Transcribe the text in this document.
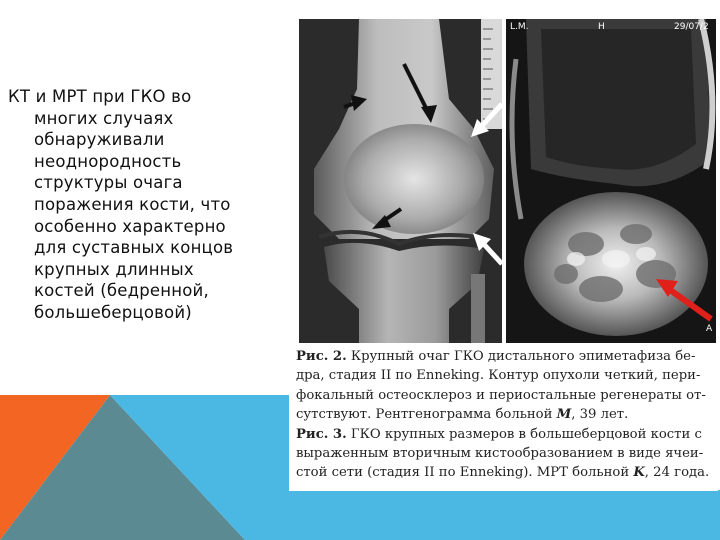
КТ и МРТ при ГКО во
многих случаях
обнаруживали
неоднородность
структуры очага
поражения кости, что
особенно характерно
для суставных концов
крупных длинных
костей (бедренной,
большеберцовой)
L.M.	H	29/07/2
A
Рис. 2. Крупный очаг ГКО дистального эпиметафиза бе-
дра, стадия II по Enneking. Контур опухоли четкий, пери-
фокальный остеосклероз и периостальные регенераты от-
сутствуют. Рентгенограмма больной M, 39 лет.
Рис. 3. ГКО крупных размеров в большеберцовой кости с
выраженным вторичным кистообразованием в виде ячеи-
стой сети (стадия II по Enneking). МРТ больной K, 24 года.
